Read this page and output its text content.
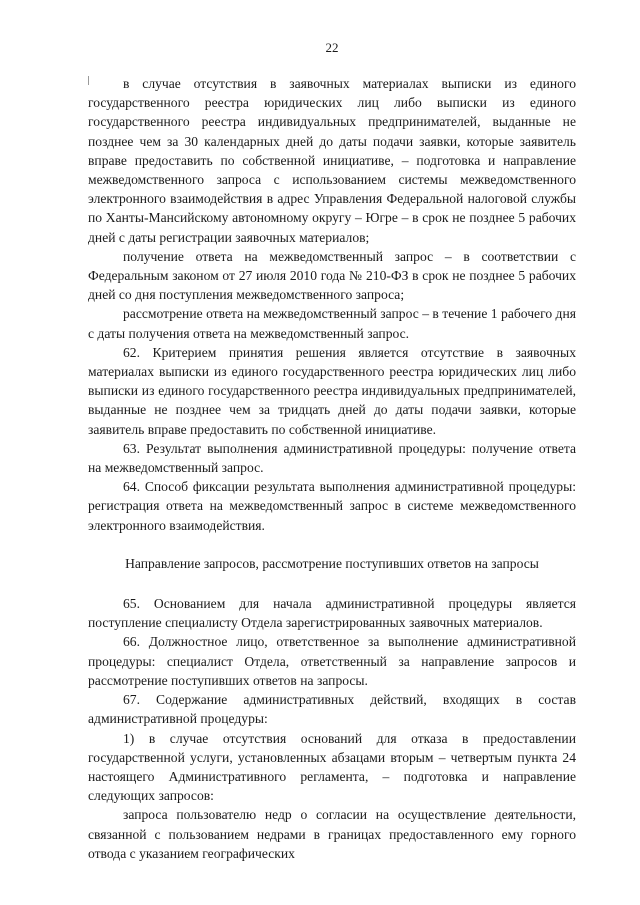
22

в случае отсутствия в заявочных материалах выписки из единого государственного реестра юридических лиц либо выписки из единого государственного реестра индивидуальных предпринимателей, выданные не позднее чем за 30 календарных дней до даты подачи заявки, которые заявитель вправе предоставить по собственной инициативе, – подготовка и направление межведомственного запроса с использованием системы межведомственного электронного взаимодействия в адрес Управления Федеральной налоговой службы по Ханты-Мансийскому автономному округу – Югре – в срок не позднее 5 рабочих дней с даты регистрации заявочных материалов;

получение ответа на межведомственный запрос – в соответствии с Федеральным законом от 27 июля 2010 года № 210-ФЗ в срок не позднее 5 рабочих дней со дня поступления межведомственного запроса;

рассмотрение ответа на межведомственный запрос – в течение 1 рабочего дня с даты получения ответа на межведомственный запрос.

62. Критерием принятия решения является отсутствие в заявочных материалах выписки из единого государственного реестра юридических лиц либо выписки из единого государственного реестра индивидуальных предпринимателей, выданные не позднее чем за тридцать дней до даты подачи заявки, которые заявитель вправе предоставить по собственной инициативе.

63. Результат выполнения административной процедуры: получение ответа на межведомственный запрос.

64. Способ фиксации результата выполнения административной процедуры: регистрация ответа на межведомственный запрос в системе межведомственного электронного взаимодействия.

Направление запросов, рассмотрение поступивших ответов на запросы

65. Основанием для начала административной процедуры является поступление специалисту Отдела зарегистрированных заявочных материалов.

66. Должностное лицо, ответственное за выполнение административной процедуры: специалист Отдела, ответственный за направление запросов и рассмотрение поступивших ответов на запросы.

67. Содержание административных действий, входящих в состав административной процедуры:

1) в случае отсутствия оснований для отказа в предоставлении государственной услуги, установленных абзацами вторым – четвертым пункта 24 настоящего Административного регламента, – подготовка и направление следующих запросов:

запроса пользователю недр о согласии на осуществление деятельности, связанной с пользованием недрами в границах предоставленного ему горного отвода с указанием географических
